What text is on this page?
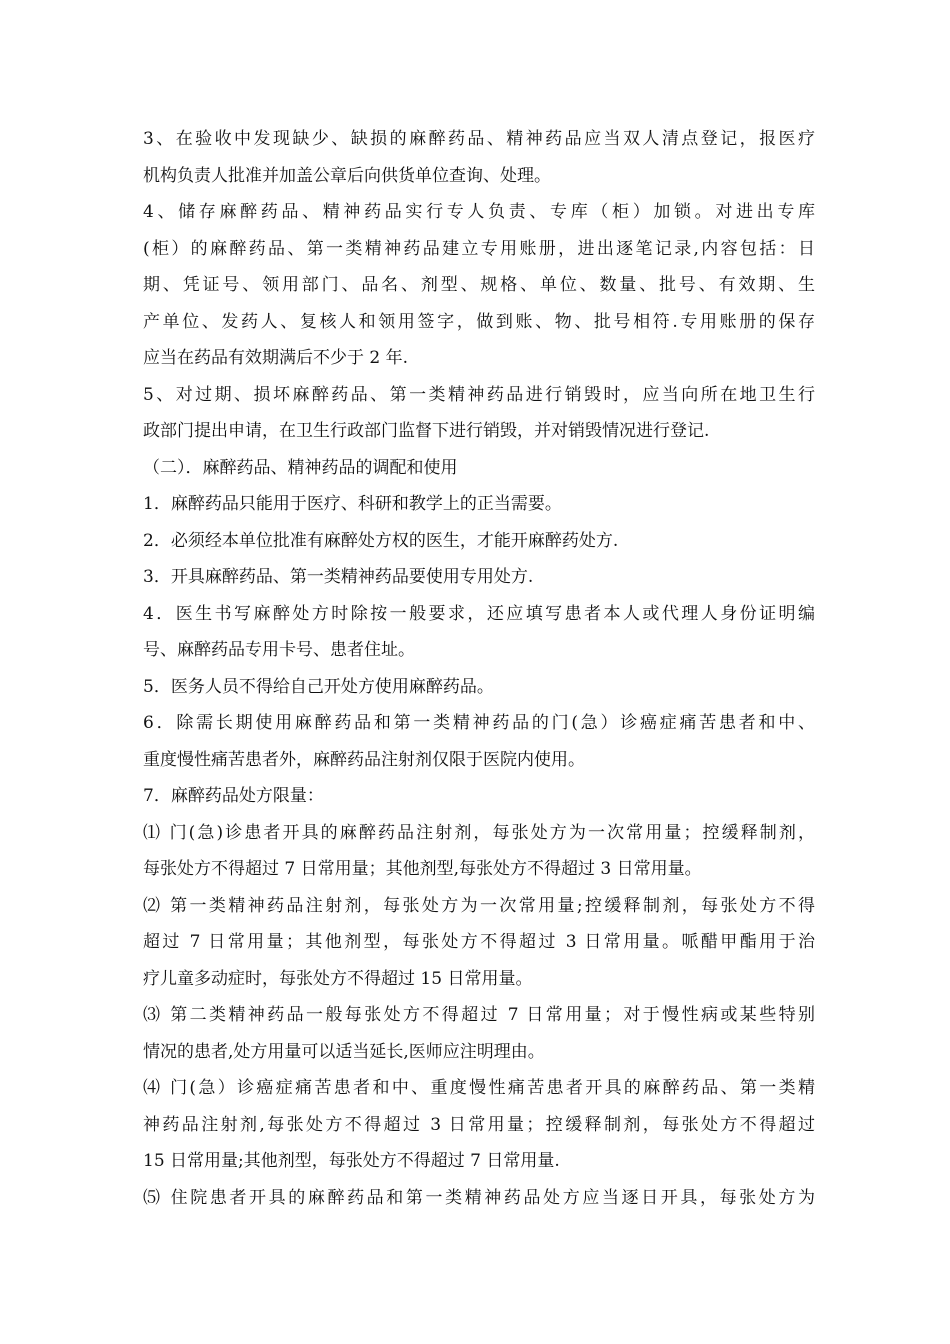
3、在验收中发现缺少、缺损的麻醉药品、精神药品应当双人清点登记，报医疗
机构负责人批准并加盖公章后向供货单位查询、处理。
4、储存麻醉药品、精神药品实行专人负责、专库（柜）加锁。对进出专库
(柜）的麻醉药品、第一类精神药品建立专用账册，进出逐笔记录,内容包括：日
期、凭证号、领用部门、品名、剂型、规格、单位、数量、批号、有效期、生
产单位、发药人、复核人和领用签字，做到账、物、批号相符.专用账册的保存
应当在药品有效期满后不少于 2 年.
5、对过期、损坏麻醉药品、第一类精神药品进行销毁时，应当向所在地卫生行
政部门提出申请，在卫生行政部门监督下进行销毁，并对销毁情况进行登记.
（二）．麻醉药品、精神药品的调配和使用
1．麻醉药品只能用于医疗、科研和教学上的正当需要。
2．必须经本单位批准有麻醉处方权的医生，才能开麻醉药处方.
3．开具麻醉药品、第一类精神药品要使用专用处方.
4．医生书写麻醉处方时除按一般要求，还应填写患者本人或代理人身份证明编
号、麻醉药品专用卡号、患者住址。
5．医务人员不得给自己开处方使用麻醉药品。
6．除需长期使用麻醉药品和第一类精神药品的门(急）诊癌症痛苦患者和中、
重度慢性痛苦患者外，麻醉药品注射剂仅限于医院内使用。
7．麻醉药品处方限量：
⑴ 门(急)诊患者开具的麻醉药品注射剂，每张处方为一次常用量；控缓释制剂，
每张处方不得超过 7 日常用量；其他剂型,每张处方不得超过 3 日常用量。
⑵ 第一类精神药品注射剂，每张处方为一次常用量;控缓释制剂，每张处方不得
超过 7 日常用量；其他剂型，每张处方不得超过 3 日常用量。哌醋甲酯用于治
疗儿童多动症时，每张处方不得超过 15 日常用量。
⑶ 第二类精神药品一般每张处方不得超过 7 日常用量；对于慢性病或某些特别
情况的患者,处方用量可以适当延长,医师应注明理由。
⑷ 门(急）诊癌症痛苦患者和中、重度慢性痛苦患者开具的麻醉药品、第一类精
神药品注射剂,每张处方不得超过 3 日常用量；控缓释制剂，每张处方不得超过
15 日常用量;其他剂型，每张处方不得超过 7 日常用量.
⑸ 住院患者开具的麻醉药品和第一类精神药品处方应当逐日开具，每张处方为
